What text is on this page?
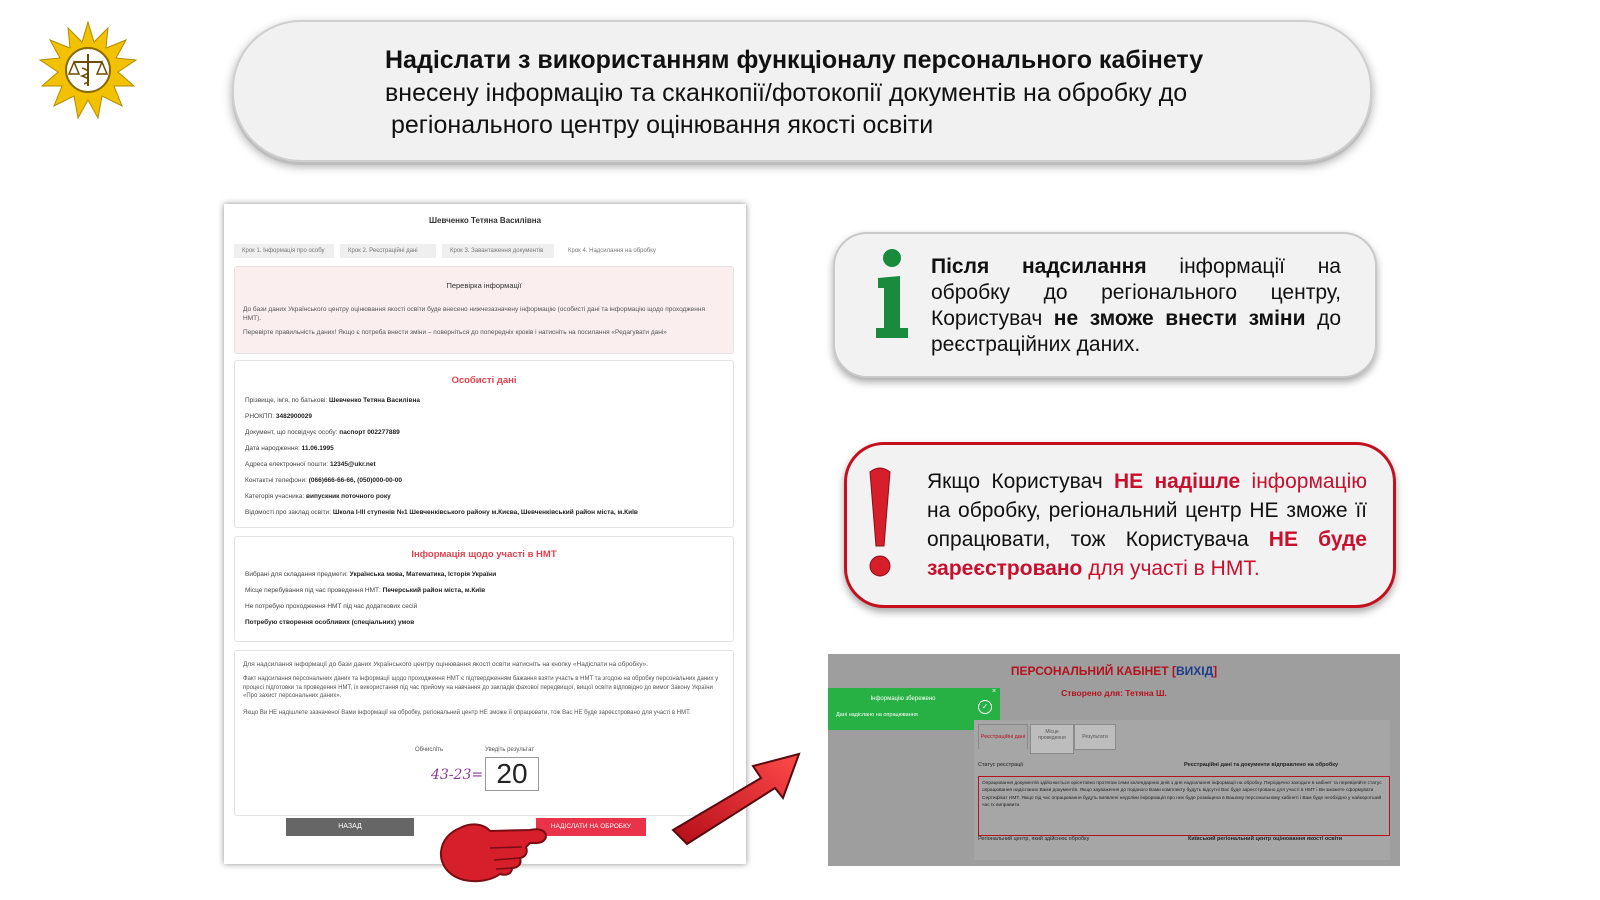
Надіслати з використанням функціоналу персонального кабінету
внесену інформацію та сканкопії/фотокопії документів на обробку до
регіонального центру оцінювання якості освіти
Шевченко Тетяна Василівна
Крок 1. Інформація про особу	Крок 2. Реєстраційні дані	Крок 3. Завантаження документів	Крок 4. Надсилання на обробку
Перевірка інформації
До бази даних Українського центру оцінювання якості освіти буде внесено нижчезазначену інформацію (особисті дані та інформацію щодо проходження НМТ).
Перевірте правильність даних! Якщо є потреба внести зміни – поверніться до попередніх кроків і натисніть на посилання «Редагувати дані»
Особисті дані
Прізвище, ім'я, по батькові: Шевченко Тетяна Василівна
РНОКПП: 3482900029
Документ, що посвідчує особу: паспорт 002277889
Дата народження: 11.06.1995
Адреса електронної пошти: 12345@ukr.net
Контактні телефони: (066)666-66-66, (050)000-00-00
Категорія учасника: випускник поточного року
Відомості про заклад освіти: Школа I-III ступенів №1 Шевченківського району м.Києва, Шевченківський район міста, м.Київ
Інформація щодо участі в НМТ
Вибрані для складання предмети: Українська мова, Математика, Історія України
Місце перебування під час проведення НМТ: Печерський район міста, м.Київ
Не потребую проходження НМТ під час додаткових сесій
Потребую створення особливих (спеціальних) умов
Для надсилання інформації до бази даних Українського центру оцінювання якості освіти натисніть на кнопку «Надіслати на обробку».
Факт надсилання персональних даних та інформації щодо проходження НМТ є підтвердженням бажання взяти участь в НМТ та згодою на обробку персональних даних у процесі підготовки та проведення НМТ, їх використання під час прийому на навчання до закладів фахової передвищої, вищої освіти відповідно до вимог Закону України «Про захист персональних даних».
Якщо Ви НЕ надішлете зазначеної Вами інформації на обробку, регіональний центр НЕ зможе її опрацювати, тож Вас НЕ буде зареєстровано для участі в НМТ.
Обчисліть	Уведіть результат
43-23= 20
НАЗАД	НАДІСЛАТИ НА ОБРОБКУ
Після надсилання інформації на обробку до регіонального центру, Користувач не зможе внести зміни до реєстраційних даних.
Якщо Користувач НЕ надішле інформацію на обробку, регіональний центр НЕ зможе її опрацювати, тож Користувача НЕ буде зареєстровано для участі в НМТ.
ПЕРСОНАЛЬНИЙ КАБІНЕТ [ВИХІД]
Створено для: Тетяна Ш.
Інформацію збережено
Дані надіслано на опрацювання
✓
×
Реєстраційні дані
Місце проведення	Результати
Статус реєстрації	Реєстраційні дані та документи відправлено на обробку
Опрацювання документів здійснюється орієнтовно протягом семи календарних днів з дня надсилання інформації на обробку. Періодично заходьте в кабінет та перевіряйте статус опрацювання надісланих Вами документів. Якщо зауваження до поданого Вами комплекту будуть відсутні Вас буде зареєстровано для участі в НМТ і Ви зможете сформувати Сертифікат НМТ. Якщо під час опрацювання будуть виявлені недоліки інформація про них буде розміщена в Вашому персональному кабінеті і Вам буде необхідно у найкоротший час їх виправити.
Регіональний центр, який здійснює обробку	Київський регіональний центр оцінювання якості освіти
